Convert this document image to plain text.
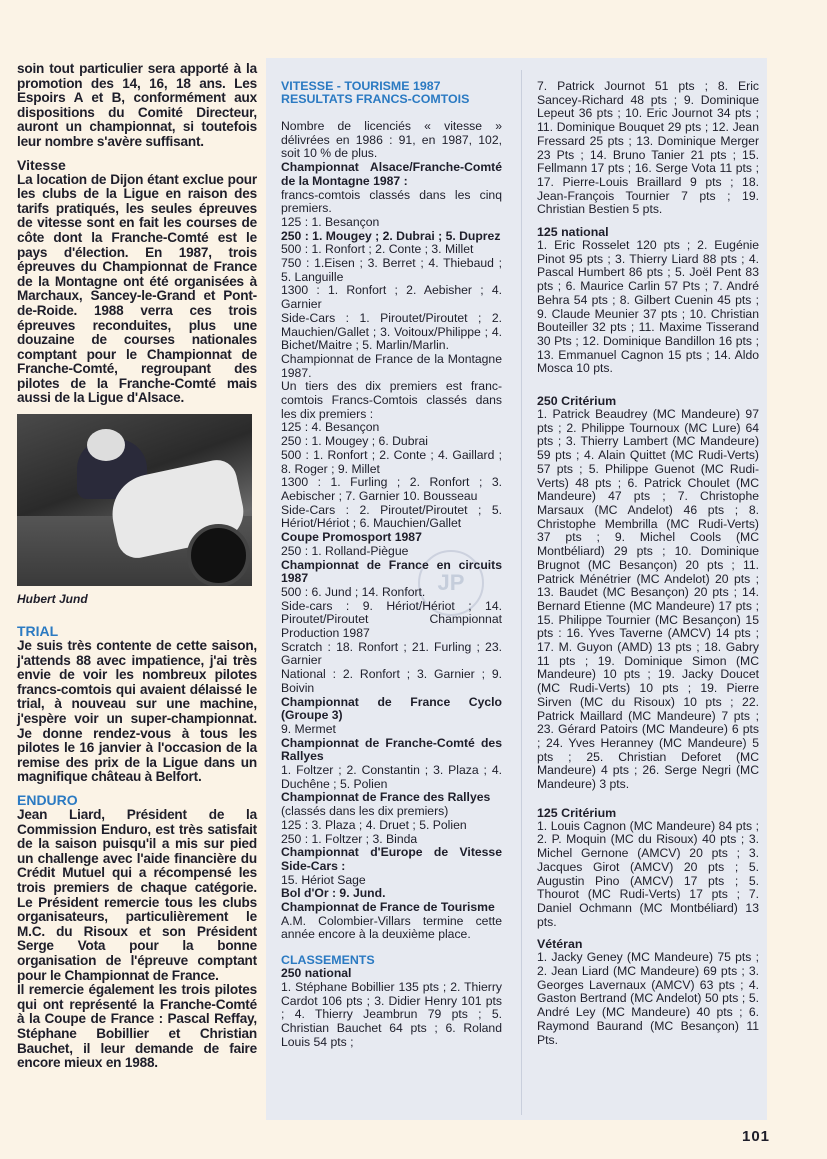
soin tout particulier sera apporté à la promotion des 14, 16, 18 ans. Les Espoirs A et B, conformément aux dispositions du Comité Directeur, auront un championnat, si toutefois leur nombre s'avère suffisant.

Vitesse

La location de Dijon étant exclue pour les clubs de la Ligue en raison des tarifs pratiqués, les seules épreuves de vitesse sont en fait les courses de côte dont la Franche-Comté est le pays d'élection. En 1987, trois épreuves du Championnat de France de la Montagne ont été organisées à Marchaux, Sancey-le-Grand et Pont-de-Roide. 1988 verra ces trois épreuves reconduites, plus une douzaine de courses nationales comptant pour le Championnat de Franche-Comté, regroupant des pilotes de la Franche-Comté mais aussi de la Ligue d'Alsace.

Hubert Jund
TRIAL

Je suis très contente de cette saison, j'attends 88 avec impatience, j'ai très envie de voir les nombreux pilotes francs-comtois qui avaient délaissé le trial, à nouveau sur une machine, j'espère voir un super-championnat. Je donne rendez-vous à tous les pilotes le 16 janvier à l'occasion de la remise des prix de la Ligue dans un magnifique château à Belfort.

ENDURO

Jean Liard, Président de la Commission Enduro, est très satisfait de la saison puisqu'il a mis sur pied un challenge avec l'aide financière du Crédit Mutuel qui a récompensé les trois premiers de chaque catégorie. Le Président remercie tous les clubs organisateurs, particulièrement le M.C. du Risoux et son Président Serge Vota pour la bonne organisation de l'épreuve comptant pour le Championnat de France.

Il remercie également les trois pilotes qui ont représenté la Franche-Comté à la Coupe de France : Pascal Reffay, Stéphane Bobillier et Christian Bauchet, il leur demande de faire encore mieux en 1988.

JP
VITESSE - TOURISME 1987
RESULTATS FRANCS-COMTOIS

Nombre de licenciés « vitesse » délivrées en 1986 : 91, en 1987, 102, soit 10 % de plus.

Championnat Alsace/Franche-Comté de la Montagne 1987 :

francs-comtois classés dans les cinq premiers.

125 : 1. Besançon

250 : 1. Mougey ; 2. Dubrai ; 5. Duprez

500 : 1. Ronfort ; 2. Conte ; 3. Millet

750 : 1.Eisen ; 3. Berret ; 4. Thiebaud ; 5. Languille

1300 : 1. Ronfort ; 2. Aebisher ; 4. Garnier

Side-Cars : 1. Piroutet/Piroutet ; 2. Mauchien/Gallet ; 3. Voitoux/Philippe ; 4. Bichet/Maitre ; 5. Marlin/Marlin.

Championnat de France de la Montagne 1987.

Un tiers des dix premiers est franc-comtois Francs-Comtois classés dans les dix premiers :

125 : 4. Besançon

250 : 1. Mougey ; 6. Dubrai

500 : 1. Ronfort ; 2. Conte ; 4. Gaillard ; 8. Roger ; 9. Millet

1300 : 1. Furling ; 2. Ronfort ; 3. Aebischer ; 7. Garnier 10. Bousseau

Side-Cars : 2. Piroutet/Piroutet ; 5. Hériot/Hériot ; 6. Mauchien/Gallet

Coupe Promosport 1987

250 : 1. Rolland-Piègue

Championnat de France en circuits 1987

500 : 6. Jund ; 14. Ronfort.

Side-cars : 9. Hériot/Hériot ; 14. Piroutet/Piroutet Championnat Production 1987

Scratch : 18. Ronfort ; 21. Furling ; 23. Garnier

National : 2. Ronfort ; 3. Garnier ; 9. Boivin

Championnat de France Cyclo (Groupe 3)

9. Mermet

Championnat de Franche-Comté des Rallyes

1. Foltzer ; 2. Constantin ; 3. Plaza ; 4. Duchêne ; 5. Polien

Championnat de France des Rallyes

(classés dans les dix premiers)

125 : 3. Plaza ; 4. Druet ; 5. Polien

250 : 1. Foltzer ; 3. Binda

Championnat d'Europe de Vitesse Side-Cars :

15. Hériot Sage

Bol d'Or : 9. Jund.

Championnat de France de Tourisme

A.M. Colombier-Villars termine cette année encore à la deuxième place.

CLASSEMENTS

250 national

1. Stéphane Bobillier 135 pts ; 2. Thierry Cardot 106 pts ; 3. Didier Henry 101 pts ; 4. Thierry Jeambrun 79 pts ; 5. Christian Bauchet 64 pts ; 6. Roland Louis 54 pts ;

7. Patrick Journot 51 pts ; 8. Eric Sancey-Richard 48 pts ; 9. Dominique Lepeut 36 pts ; 10. Eric Journot 34 pts ; 11. Dominique Bouquet 29 pts ; 12. Jean Fressard 25 pts ; 13. Dominique Merger 23 Pts ; 14. Bruno Tanier 21 pts ; 15. Fellmann 17 pts ; 16. Serge Vota 11 pts ; 17. Pierre-Louis Braillard 9 pts ; 18. Jean-François Tournier 7 pts ; 19. Christian Bestien 5 pts.

125 national

1. Eric Rosselet 120 pts ; 2. Eugénie Pinot 95 pts ; 3. Thierry Liard 88 pts ; 4. Pascal Humbert 86 pts ; 5. Joël Pent 83 pts ; 6. Maurice Carlin 57 Pts ; 7. André Behra 54 pts ; 8. Gilbert Cuenin 45 pts ; 9. Claude Meunier 37 pts ; 10. Christian Bouteiller 32 pts ; 11. Maxime Tisserand 30 Pts ; 12. Dominique Bandillon 16 pts ; 13. Emmanuel Cagnon 15 pts ; 14. Aldo Mosca 10 pts.

250 Critérium

1. Patrick Beaudrey (MC Mandeure) 97 pts ; 2. Philippe Tournoux (MC Lure) 64 pts ; 3. Thierry Lambert (MC Mandeure) 59 pts ; 4. Alain Quittet (MC Rudi-Verts) 57 pts ; 5. Philippe Guenot (MC Rudi-Verts) 48 pts ; 6. Patrick Choulet (MC Mandeure) 47 pts ; 7. Christophe Marsaux (MC Andelot) 46 pts ; 8. Christophe Membrilla (MC Rudi-Verts) 37 pts ; 9. Michel Cools (MC Montbéliard) 29 pts ; 10. Dominique Brugnot (MC Besançon) 20 pts ; 11. Patrick Ménétrier (MC Andelot) 20 pts ; 13. Baudet (MC Besançon) 20 pts ; 14. Bernard Etienne (MC Mandeure) 17 pts ; 15. Philippe Tournier (MC Besançon) 15 pts : 16. Yves Taverne (AMCV) 14 pts ; 17. M. Guyon (AMD) 13 pts ; 18. Gabry 11 pts ; 19. Dominique Simon (MC Mandeure) 10 pts ; 19. Jacky Doucet (MC Rudi-Verts) 10 pts ; 19. Pierre Sirven (MC du Risoux) 10 pts ; 22. Patrick Maillard (MC Mandeure) 7 pts ; 23. Gérard Patoirs (MC Mandeure) 6 pts ; 24. Yves Heranney (MC Mandeure) 5 pts ; 25. Christian Deforet (MC Mandeure) 4 pts ; 26. Serge Negri (MC Mandeure) 3 pts.

125 Critérium

1. Louis Cagnon (MC Mandeure) 84 pts ; 2. P. Moquin (MC du Risoux) 40 pts ; 3. Michel Gernone (AMCV) 20 pts ; 3. Jacques Girot (AMCV) 20 pts ; 5. Augustin Pino (AMCV) 17 pts ; 5. Thourot (MC Rudi-Verts) 17 pts ; 7. Daniel Ochmann (MC Montbéliard) 13 pts.

Vétéran

1. Jacky Geney (MC Mandeure) 75 pts ; 2. Jean Liard (MC Mandeure) 69 pts ; 3. Georges Lavernaux (AMCV) 63 pts ; 4. Gaston Bertrand (MC Andelot) 50 pts ; 5. André Ley (MC Mandeure) 40 pts ; 6. Raymond Baurand (MC Besançon) 11 Pts.

101
